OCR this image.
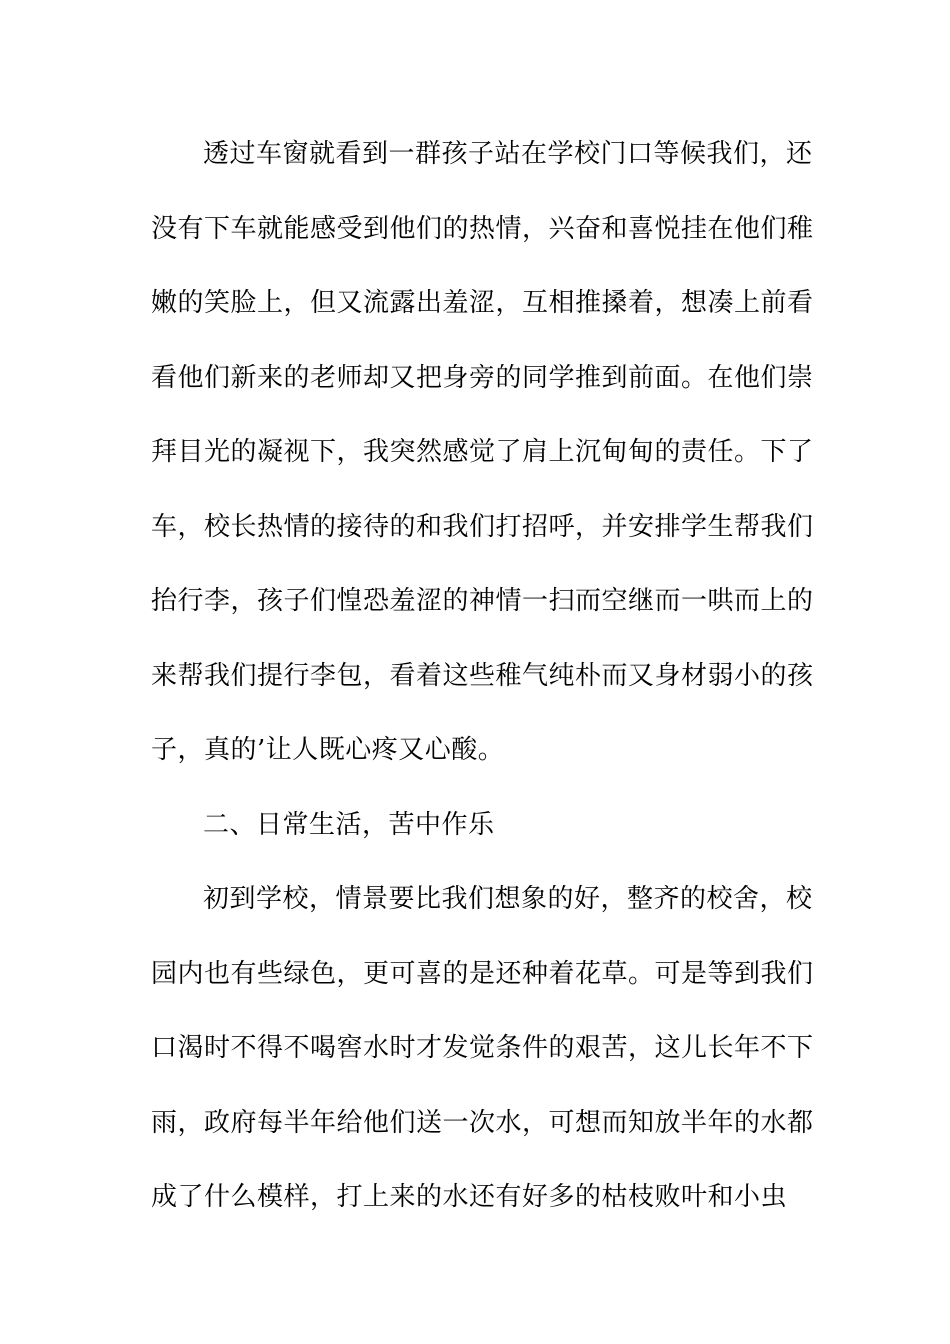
透过车窗就看到一群孩子站在学校门口等候我们，还
没有下车就能感受到他们的热情，兴奋和喜悦挂在他们稚
嫩的笑脸上，但又流露出羞涩，互相推搡着，想凑上前看
看他们新来的老师却又把身旁的同学推到前面。在他们崇
拜目光的凝视下，我突然感觉了肩上沉甸甸的责任。下了
车，校长热情的接待的和我们打招呼，并安排学生帮我们
抬行李，孩子们惶恐羞涩的神情一扫而空继而一哄而上的
来帮我们提行李包，看着这些稚气纯朴而又身材弱小的孩
子，真的’让人既心疼又心酸。
二、日常生活，苦中作乐
初到学校，情景要比我们想象的好，整齐的校舍，校
园内也有些绿色，更可喜的是还种着花草。可是等到我们
口渴时不得不喝窖水时才发觉条件的艰苦，这儿长年不下
雨，政府每半年给他们送一次水，可想而知放半年的水都
成了什么模样，打上来的水还有好多的枯枝败叶和小虫
